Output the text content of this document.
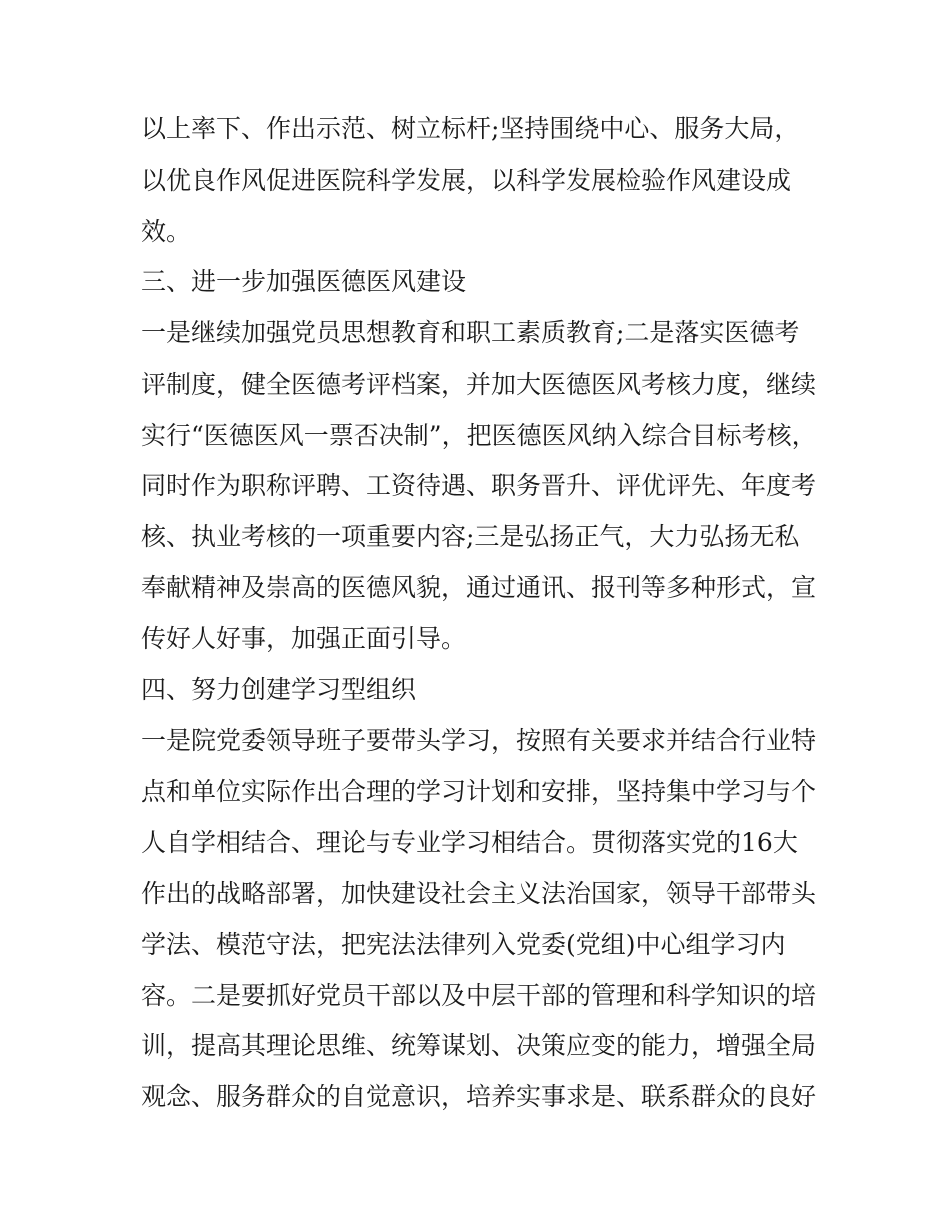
以上率下、作出示范、树立标杆;坚持围绕中心、服务大局，
以优良作风促进医院科学发展，以科学发展检验作风建设成
效。
三、进一步加强医德医风建设
一是继续加强党员思想教育和职工素质教育;二是落实医德考
评制度，健全医德考评档案，并加大医德医风考核力度，继续
实行“医德医风一票否决制”，把医德医风纳入综合目标考核，
同时作为职称评聘、工资待遇、职务晋升、评优评先、年度考
核、执业考核的一项重要内容;三是弘扬正气，大力弘扬无私
奉献精神及崇高的医德风貌，通过通讯、报刊等多种形式，宣
传好人好事，加强正面引导。
四、努力创建学习型组织
一是院党委领导班子要带头学习，按照有关要求并结合行业特
点和单位实际作出合理的学习计划和安排，坚持集中学习与个
人自学相结合、理论与专业学习相结合。贯彻落实党的16大
作出的战略部署，加快建设社会主义法治国家，领导干部带头
学法、模范守法，把宪法法律列入党委(党组)中心组学习内
容。二是要抓好党员干部以及中层干部的管理和科学知识的培
训，提高其理论思维、统筹谋划、决策应变的能力，增强全局
观念、服务群众的自觉意识，培养实事求是、联系群众的良好
